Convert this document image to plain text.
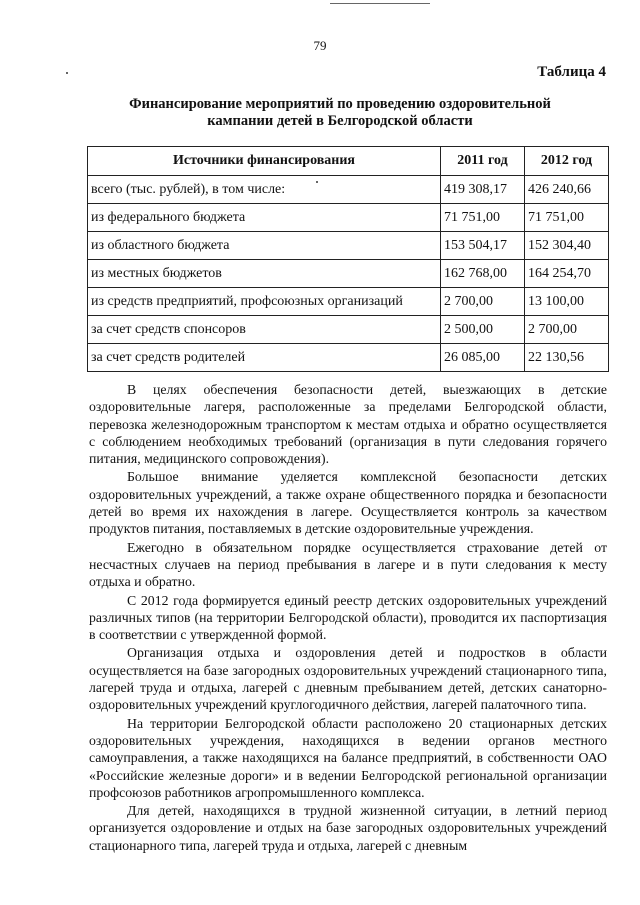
79
Таблица 4
Финансирование мероприятий по проведению оздоровительной кампании детей в Белгородской области
Источники финансирования	2011 год	2012 год
всего (тыс. рублей), в том числе:	419 308,17	426 240,66
из федерального бюджета	71 751,00	71 751,00
из областного бюджета	153 504,17	152 304,40
из местных бюджетов	162 768,00	164 254,70
из средств предприятий, профсоюзных организаций	2 700,00	13 100,00
за счет средств спонсоров	2 500,00	2 700,00
за счет средств родителей	26 085,00	22 130,56

В целях обеспечения безопасности детей, выезжающих в детские оздоровительные лагеря, расположенные за пределами Белгородской области, перевозка железнодорожным транспортом к местам отдыха и обратно осуществляется с соблюдением необходимых требований (организация в пути следования горячего питания, медицинского сопровождения).

Большое внимание уделяется комплексной безопасности детских оздоровительных учреждений, а также охране общественного порядка и безопасности детей во время их нахождения в лагере. Осуществляется контроль за качеством продуктов питания, поставляемых в детские оздоровительные учреждения.

Ежегодно в обязательном порядке осуществляется страхование детей от несчастных случаев на период пребывания в лагере и в пути следования к месту отдыха и обратно.

С 2012 года формируется единый реестр детских оздоровительных учреждений различных типов (на территории Белгородской области), проводится их паспортизация в соответствии с утвержденной формой.

Организация отдыха и оздоровления детей и подростков в области осуществляется на базе загородных оздоровительных учреждений стационарного типа, лагерей труда и отдыха, лагерей с дневным пребыванием детей, детских санаторно-оздоровительных учреждений круглогодичного действия, лагерей палаточного типа.

На территории Белгородской области расположено 20 стационарных детских оздоровительных учреждения, находящихся в ведении органов местного самоуправления, а также находящихся на балансе предприятий, в собственности ОАО «Российские железные дороги» и в ведении Белгородской региональной организации профсоюзов работников агропромышленного комплекса.

Для детей, находящихся в трудной жизненной ситуации, в летний период организуется оздоровление и отдых на базе загородных оздоровительных учреждений стационарного типа, лагерей труда и отдыха, лагерей с дневным
